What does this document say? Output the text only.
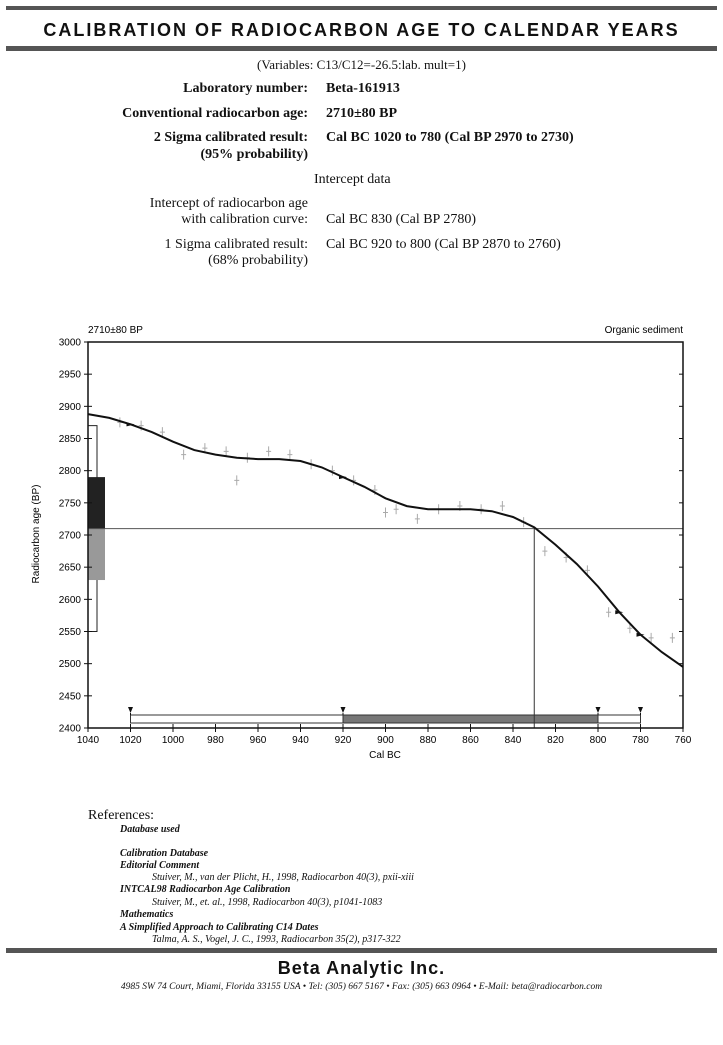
CALIBRATION OF RADIOCARBON AGE TO CALENDAR YEARS
(Variables: C13/C12=-26.5:lab. mult=1)
Laboratory number: Beta-161913
Conventional radiocarbon age: 2710±80 BP
2 Sigma calibrated result:
(95% probability)
Cal BC 1020 to 780 (Cal BP 2970 to 2730)
Intercept data
Intercept of radiocarbon age
with calibration curve: Cal BC 830 (Cal BP 2780)
1 Sigma calibrated result:
(68% probability)
Cal BC 920 to 800 (Cal BP 2870 to 2760)
2400
2450
2500
2550
2600
2650
2700
2750
2800
2850
2900
2950
3000
1040 1020 1000 980	960	940	920	900	880	860	840	820	800	780	760
2710±80 BP	Organic sediment
Cal BC
Radiocarbon age (BP)
References:
Database used
Calibration Database
Editorial Comment
Stuiver, M., van der Plicht, H., 1998, Radiocarbon 40(3), pxii-xiii
INTCAL98 Radiocarbon Age Calibration
Stuiver, M., et. al., 1998, Radiocarbon 40(3), p1041-1083
Mathematics
A Simplified Approach to Calibrating C14 Dates
Talma, A. S., Vogel, J. C., 1993, Radiocarbon 35(2), p317-322
Beta Analytic Inc.
4985 SW 74 Court, Miami, Florida 33155 USA • Tel: (305) 667 5167 • Fax: (305) 663 0964 • E-Mail: beta@radiocarbon.com
